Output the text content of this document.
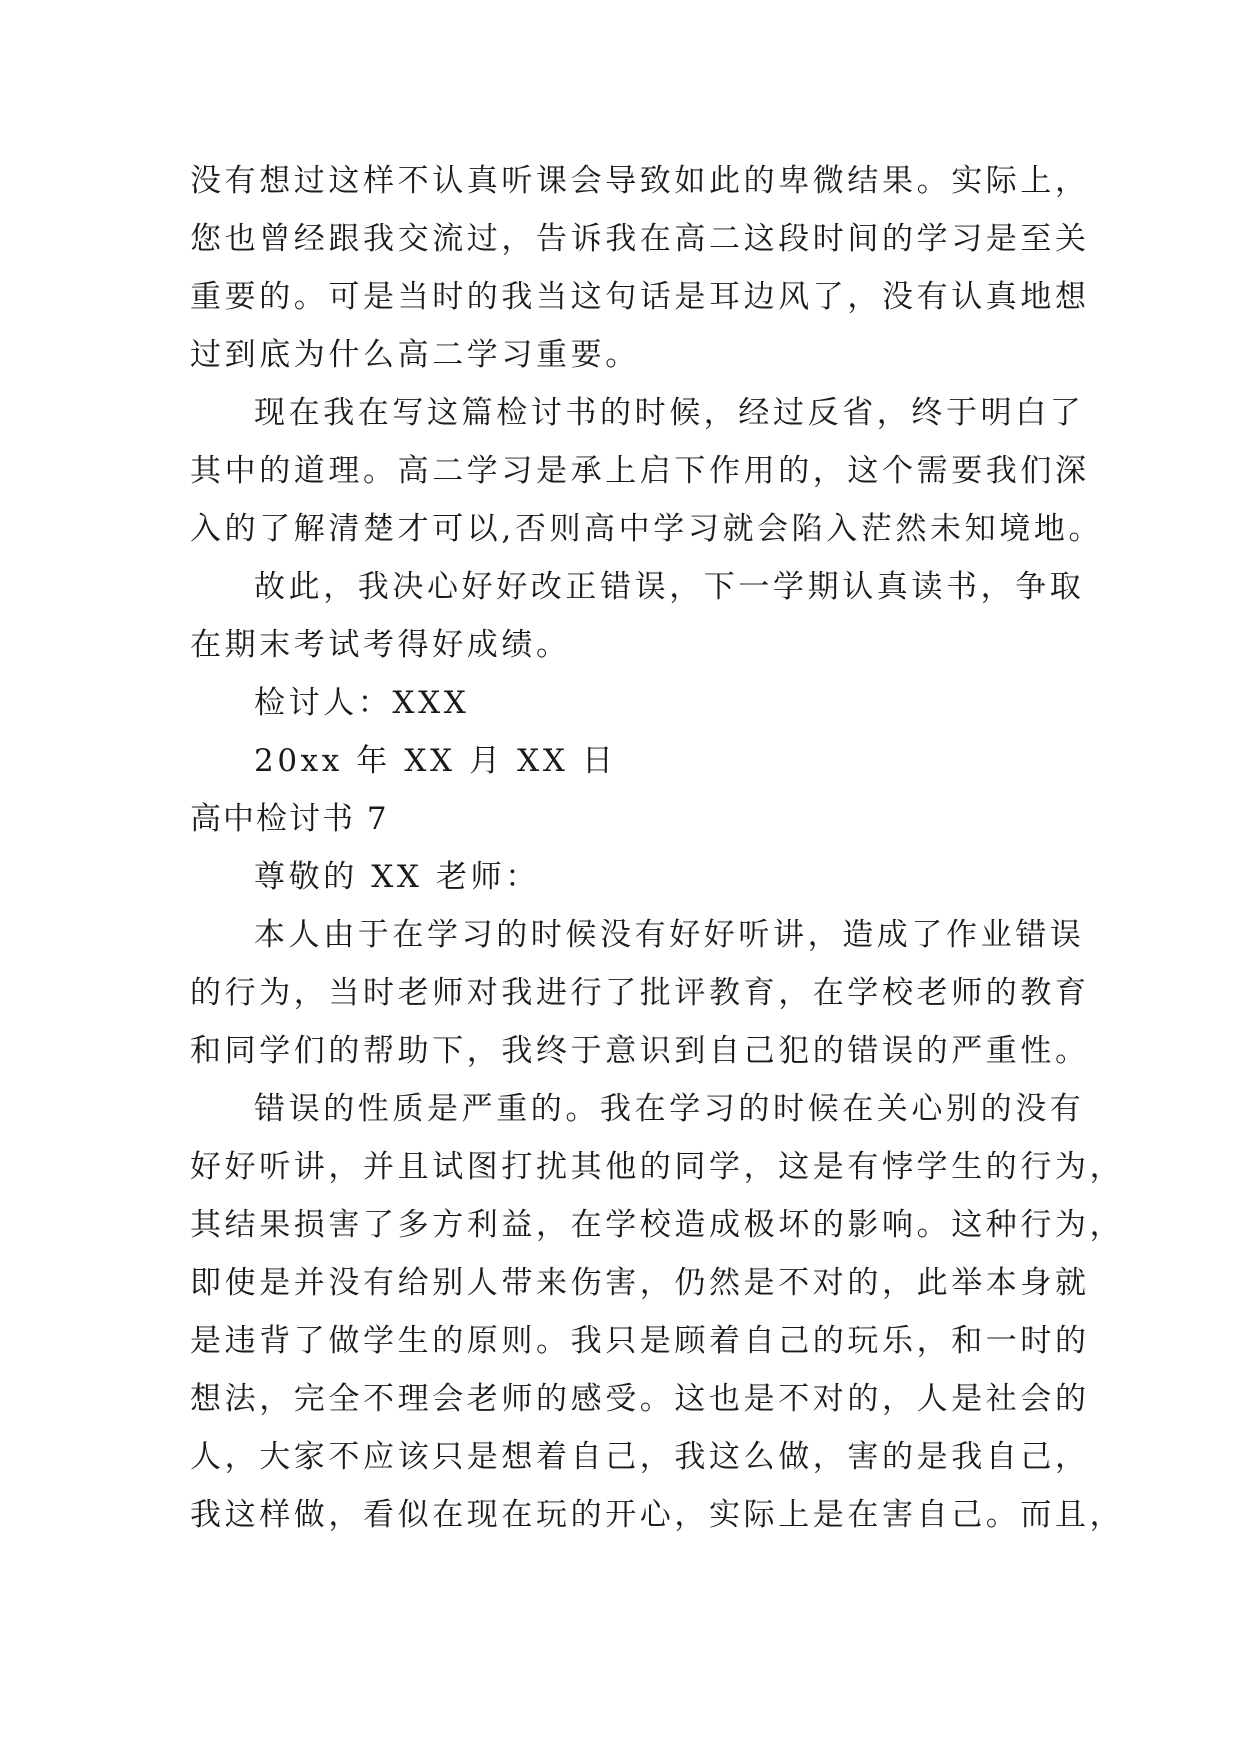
没有想过这样不认真听课会导致如此的卑微结果。实际上，
您也曾经跟我交流过，告诉我在高二这段时间的学习是至关
重要的。可是当时的我当这句话是耳边风了，没有认真地想
过到底为什么高二学习重要。
现在我在写这篇检讨书的时候，经过反省，终于明白了
其中的道理。高二学习是承上启下作用的，这个需要我们深
入的了解清楚才可以,否则高中学习就会陷入茫然未知境地。
故此，我决心好好改正错误，下一学期认真读书，争取
在期末考试考得好成绩。
检讨人：XXX
20xx 年 XX 月 XX 日
高中检讨书 7
尊敬的 XX 老师：
本人由于在学习的时候没有好好听讲，造成了作业错误
的行为，当时老师对我进行了批评教育，在学校老师的教育
和同学们的帮助下，我终于意识到自己犯的错误的严重性。
错误的性质是严重的。我在学习的时候在关心别的没有
好好听讲，并且试图打扰其他的同学，这是有悖学生的行为，
其结果损害了多方利益，在学校造成极坏的影响。这种行为，
即使是并没有给别人带来伤害，仍然是不对的，此举本身就
是违背了做学生的原则。我只是顾着自己的玩乐，和一时的
想法，完全不理会老师的感受。这也是不对的，人是社会的
人，大家不应该只是想着自己，我这么做，害的是我自己，
我这样做，看似在现在玩的开心，实际上是在害自己。而且，
